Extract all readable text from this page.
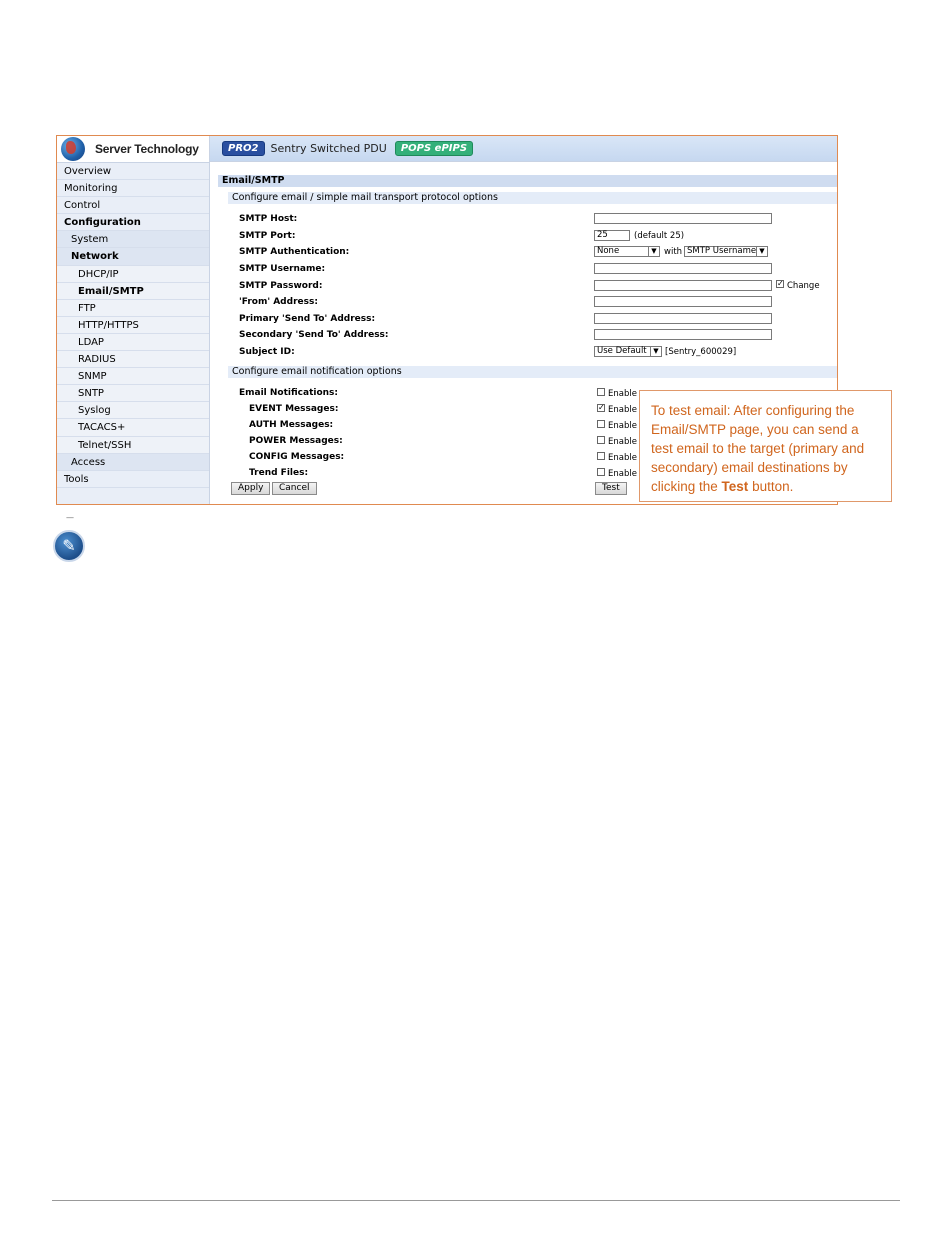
Server Technology
Overview
Monitoring
Control
Configuration
System
Network
DHCP/IP
Email/SMTP
FTP
HTTP/HTTPS
LDAP
RADIUS
SNMP
SNTP
Syslog
TACACS+
Telnet/SSH
Access
Tools
PRO2	Sentry Switched PDU	POPS ePIPS
Email/SMTP
Configure email / simple mail transport protocol options
SMTP Host:
SMTP Port:	25	(default 25)
SMTP Authentication:	None	▼ with SMTP Username ▼
SMTP Username:
SMTP Password:	✓ Change
'From' Address:
Primary 'Send To' Address:
Secondary 'Send To' Address:
Subject ID:	Use Default ▼ [Sentry_600029]
Configure email notification options
Email Notifications:	Enable
EVENT Messages:	✓ Enable
AUTH Messages:	Enable
POWER Messages:	Enable
CONFIG Messages:	Enable
Trend Files:	Enable
Apply	Cancel	Test
To test email: After configuring the Email/SMTP page, you can send a test email to the target (primary and secondary) email destinations by clicking the Test button.
—
✎
